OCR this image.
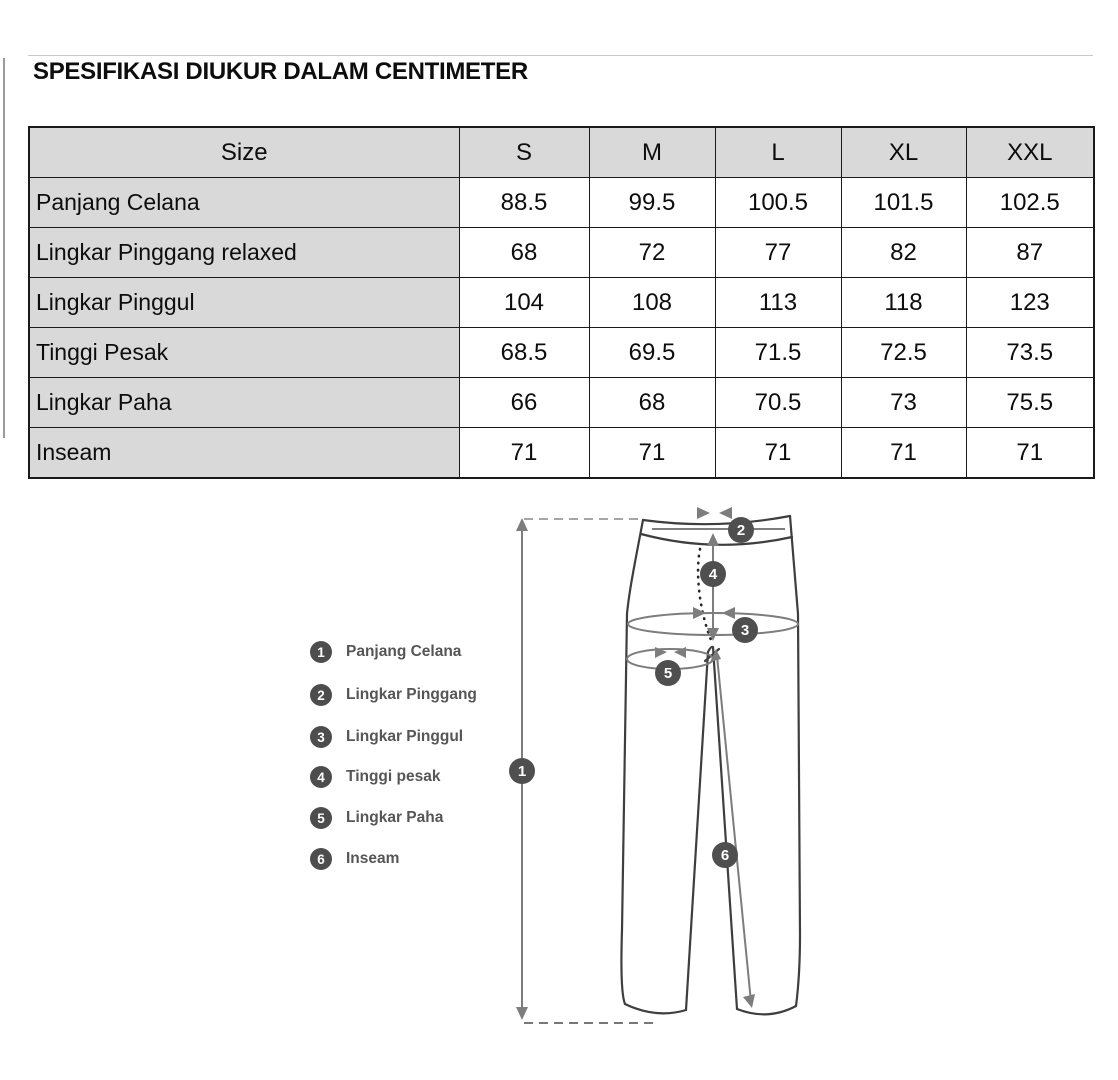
SPESIFIKASI DIUKUR DALAM CENTIMETER
Size	S	M	L	XL	XXL
Panjang Celana	88.5	99.5	100.5	101.5	102.5
Lingkar Pinggang relaxed	68	72	77	82	87
Lingkar Pinggul	104	108	113	118	123
Tinggi Pesak	68.5	69.5	71.5	72.5	73.5
Lingkar Paha	66	68	70.5	73	75.5
Inseam	71	71	71	71	71
1	Panjang Celana
2	Lingkar Pinggang
3	Lingkar Pinggul
4	Tinggi pesak
5	Lingkar Paha
6	Inseam
1
2
3
4
5
6
